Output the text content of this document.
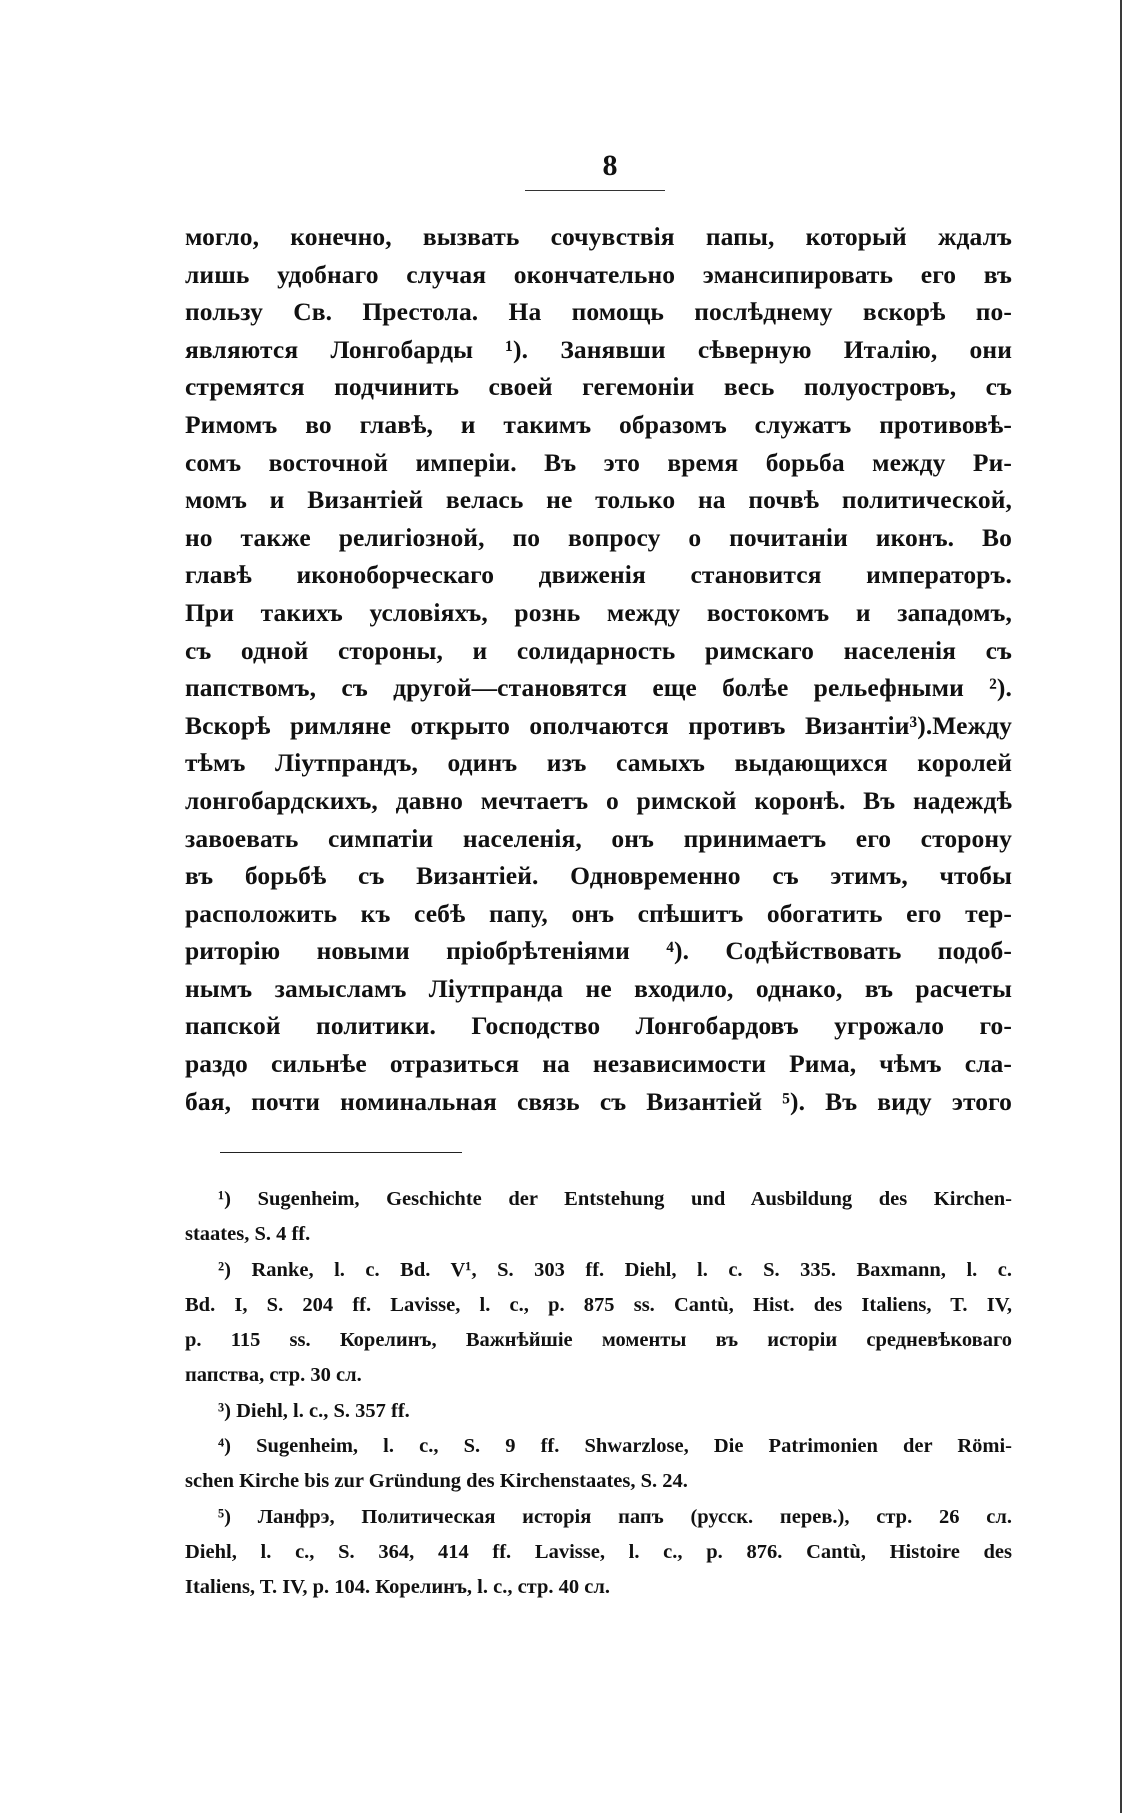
8
могло, конечно, вызвать сочувствія папы, который ждалъ
лишь удобнаго случая окончательно эмансипировать его въ
пользу Св. Престола. На помощь послѣднему вскорѣ по-
являются Лонгобарды ¹). Занявши сѣверную Италію, они
стремятся подчинить своей гегемоніи весь полуостровъ, съ
Римомъ во главѣ, и такимъ образомъ служатъ противовѣ-
сомъ восточной имперіи. Въ это время борьба между Ри-
момъ и Византіей велась не только на почвѣ политической,
но также религіозной, по вопросу о почитаніи иконъ. Во
главѣ иконоборческаго движенія становится императоръ.
При такихъ условіяхъ, рознь между востокомъ и западомъ,
съ одной стороны, и солидарность римскаго населенія съ
папствомъ, съ другой—становятся еще болѣе рельефными ²).
Вскорѣ римляне открыто ополчаются противъ Византіи³).Между
тѣмъ Ліутпрандъ, одинъ изъ самыхъ выдающихся королей
лонгобардскихъ, давно мечтаетъ о римской коронѣ. Въ надеждѣ
завоевать симпатіи населенія, онъ принимаетъ его сторону
въ борьбѣ съ Византіей. Одновременно съ этимъ, чтобы
расположить къ себѣ папу, онъ спѣшитъ обогатить его тер-
риторію новыми пріобрѣтеніями ⁴). Содѣйствовать подоб-
нымъ замысламъ Ліутпранда не входило, однако, въ расчеты
папской политики. Господство Лонгобардовъ угрожало го-
раздо сильнѣе отразиться на независимости Рима, чѣмъ сла-
бая, почти номинальная связь съ Византіей ⁵). Въ виду этого
¹) Sugenheim, Geschichte der Entstehung und Ausbildung des Kirchen-
staates, S. 4 ff.
²) Ranke, l. c. Bd. V¹, S. 303 ff. Diehl, l. c. S. 335. Baxmann, l. c.
Bd. I, S. 204 ff. Lavisse, l. c., p. 875 ss. Cantù, Hist. des Italiens, T. IV,
p. 115 ss. Корелинъ, Важнѣйшіе моменты въ исторіи средневѣковаго
папства, стр. 30 сл.
³) Diehl, l. c., S. 357 ff.
⁴) Sugenheim, l. c., S. 9 ff. Shwarzlose, Die Patrimonien der Römi-
schen Kirche bis zur Gründung des Kirchenstaates, S. 24.
⁵) Ланфрэ, Политическая исторія папъ (русск. перев.), стр. 26 сл.
Diehl, l. c., S. 364, 414 ff. Lavisse, l. c., p. 876. Cantù, Histoire des
Italiens, T. IV, p. 104. Корелинъ, l. c., стр. 40 сл.
